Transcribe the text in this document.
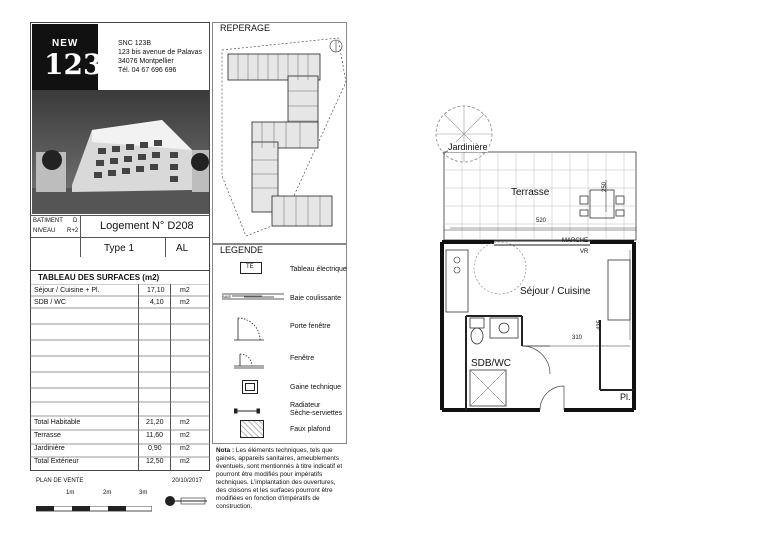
NEW
123
SNC 123B
123 bis avenue de Palavas
34076 Montpellier
Tél. 04 67 696 696
BATIMENT D
NIVEAU R+2 Logement N° D208
Type 1	AL
TABLEAU DES SURFACES (m2)
Séjour / Cuisine + Pl.	17,10 m2
SDB / WC	4,10 m2
Total Habitable	21,20 m2
Terrasse	11,60 m2
Jardinière	0,90	m2
Total Extérieur	12,50 m2
REPERAGE
LEGENDE
TE
BAIE
Tableau électrique
Baie coulissante
Porte fenêtre
Fenêtre
Gaine technique
Radiateur
Sèche-serviettes
Faux plafond
Nota : Les éléments techniques, tels que gaines, appareils sanitaires, ameublements éventuels, sont mentionnés à titre indicatif et pourront être modifiés pour impératifs techniques. L'implantation des ouvertures, des cloisons et les surfaces pourront être modifiées en fonction d'impératifs de construction.
PLAN DE VENTE	20/10/2017
1m	2m	3m
Jardinière
Terrasse
520
250
MARCHE
VR
Séjour / Cuisine
435
310
SDB/WC
Pl.
